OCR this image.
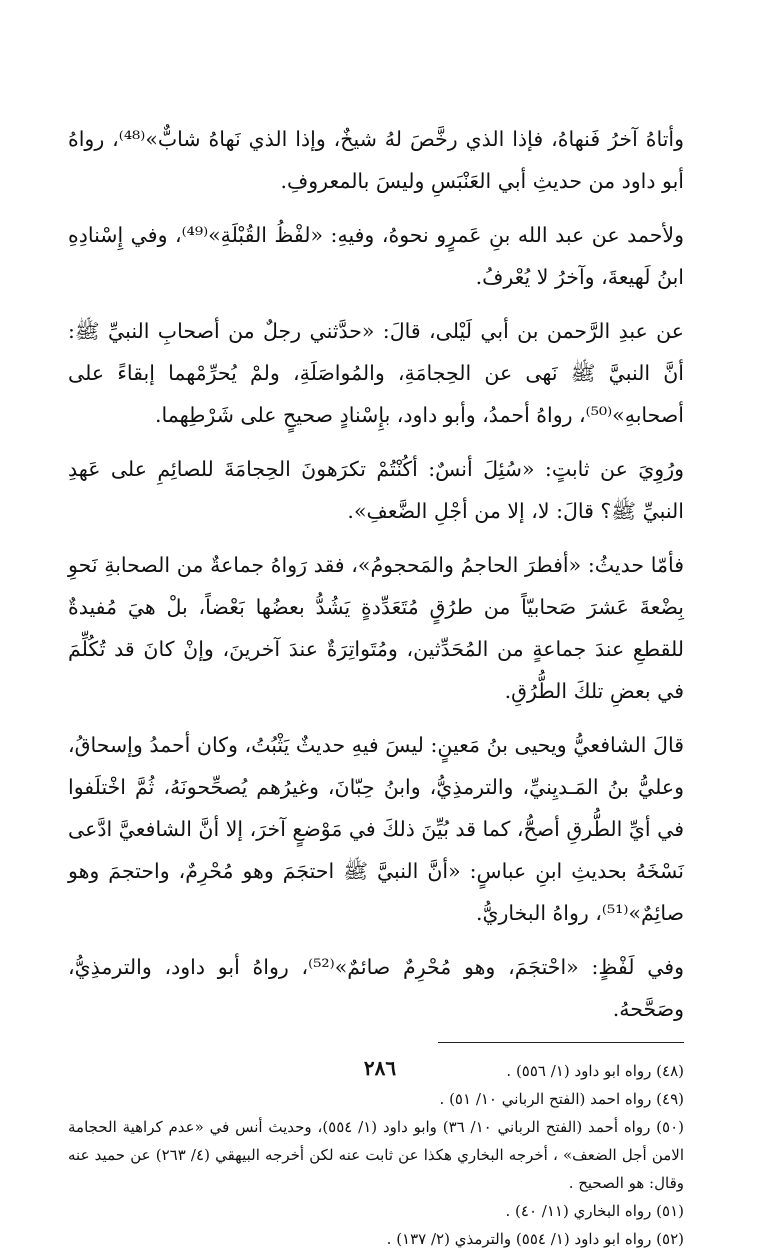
وأتاهُ آخرُ فَنهاهُ، فإذا الذي رخَّصَ لهُ شيخٌ، وإذا الذي نَهاهُ شابٌّ»⁽⁴⁸⁾، رواهُ أبو داود من حديثِ أبي العَنْبَسِ وليسَ بالمعروفِ.

ولأحمد عن عبد الله بنِ عَمرٍو نحوهُ، وفيهِ: «لفْظُ القُبْلَةِ»⁽⁴⁹⁾، وفي إِسْنادِهِ ابنُ لَهيعةَ، وآخرُ لا يُعْرفُ.

عن عبدِ الرَّحمن بن أبي لَيْلى، قالَ: «حدَّثني رجلٌ من أصحابِ النبيِّ ﷺ: أنَّ النبيَّ ﷺ نَهى عن الحِجامَةِ، والمُواصَلَةِ، ولمْ يُحرِّمْهما إبقاءً على أصحابهِ»⁽⁵⁰⁾، رواهُ أحمدُ، وأبو داود، بإِسْنادٍ صحيحٍ على شَرْطِهما.

ورُوِيَ عن ثابتٍ: «سُئِلَ أنسٌ: أكُنْتُمْ تكرَهونَ الحِجامَةَ للصائِمِ على عَهدِ النبيِّ ﷺ؟ قالَ: لا، إلا من أجْلِ الضَّعفِ».

فأمّا حديثُ: «أفطرَ الحاجمُ والمَحجومُ»، فقد رَواهُ جماعةٌ من الصحابةِ نَحوِ بِضْعةَ عَشرَ صَحابيّاً من طرُقٍ مُتَعَدِّدةٍ يَشُدُّ بعضُها بَعْضاً، بلْ هيَ مُفيدةٌ للقطعِ عندَ جماعةٍ من المُحَدِّثين، ومُتَواتِرَةٌ عندَ آخرينَ، وإنْ كانَ قد تُكُلِّمَ في بعضِ تلكَ الطُّرُقِ.

قالَ الشافعيُّ ويحيى بنُ مَعينٍ: ليسَ فيهِ حديثٌ يَثْبُتُ، وكان أحمدُ وإسحاقُ، وعليُّ بنُ المَـديِنيِّ، والترمذِيُّ، وابنُ حِبّانَ، وغيرُهم يُصحِّحونَهُ، ثُمَّ اخْتلَفوا في أيِّ الطُّرقِ أصحُّ، كما قد بُيِّنَ ذلكَ في مَوْضعٍ آخرَ، إلا أنَّ الشافعيَّ ادَّعى نَسْخَهُ بحديثِ ابنِ عباسٍ: «أنَّ النبيَّ ﷺ احتجَمَ وهو مُحْرِمٌ، واحتجمَ وهو صائِمٌ»⁽⁵¹⁾، رواهُ البخاريُّ.

وفي لَفْظٍ: «احْتجَمَ، وهو مُحْرِمٌ صائمٌ»⁽⁵²⁾، رواهُ أبو داود، والترمذِيُّ، وصَحَّحهُ.

(٤٨) رواه ابو داود (١/ ٥٥٦) .

(٤٩) رواه احمد (الفتح الرباني ١٠/ ٥١) .

(٥٠) رواه أحمد (الفتح الرباني ١٠/ ٣٦) وابو داود (١/ ٥٥٤)، وحديث أنس في «عدم كراهية الحجامة الامن أجل الضعف» ، أخرجه البخاري هكذا عن ثابت عنه لكن أخرجه البيهقي (٤/ ٢٦٣) عن حميد عنه وقال: هو الصحيح .

(٥١) رواه البخاري (١١/ ٤٠) .

(٥٢) رواه ابو داود (١/ ٥٥٤) والترمذي (٢/ ١٣٧) .

٢٨٦
